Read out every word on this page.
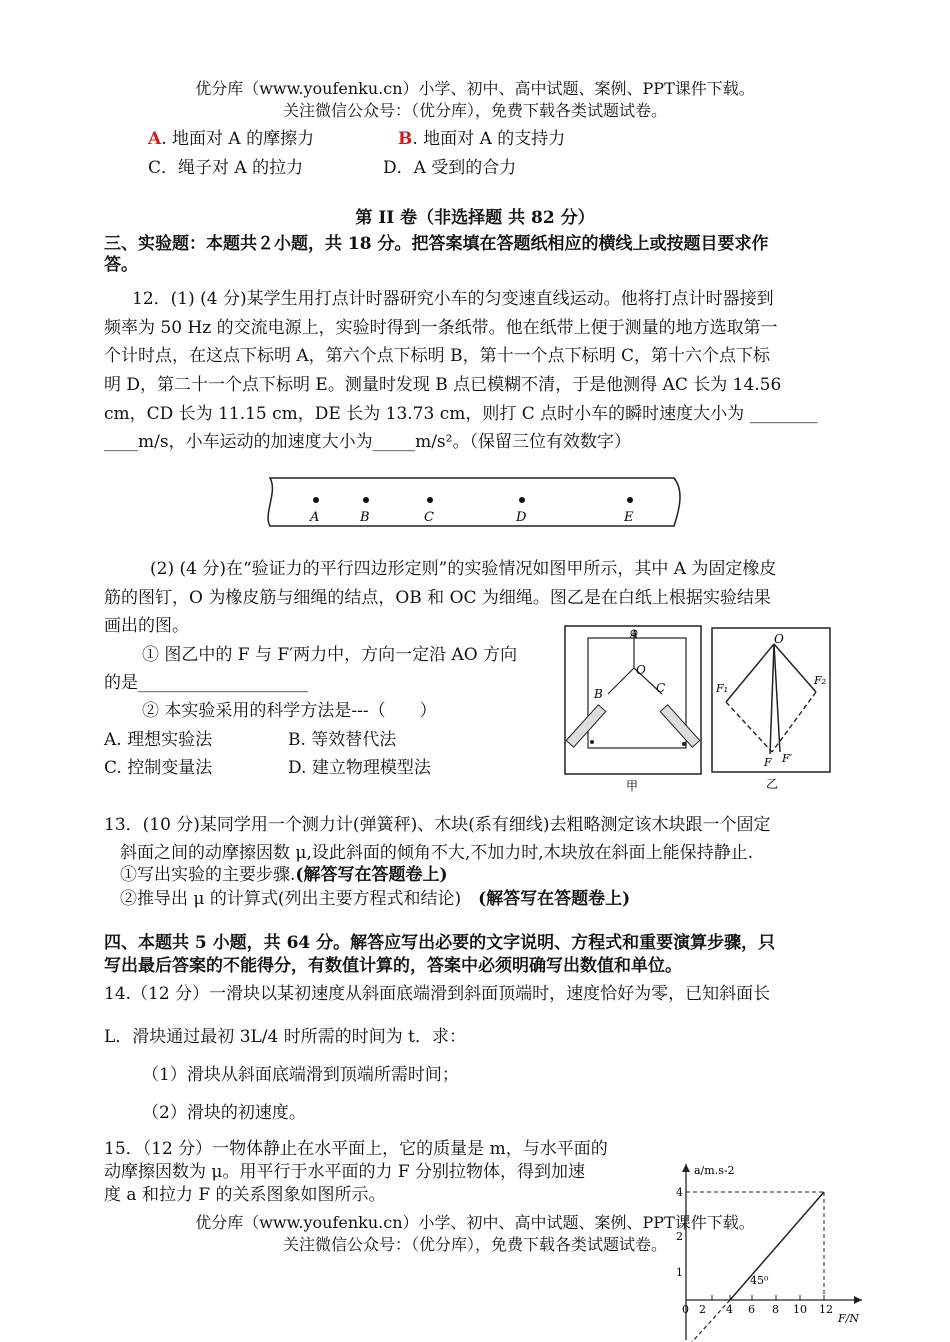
优分库（www.youfenku.cn）小学、初中、高中试题、案例、PPT课件下载。
关注微信公众号：（优分库），免费下载各类试题试卷。
A. 地面对 A 的摩擦力	B. 地面对 A 的支持力
C．绳子对 A 的拉力	D．A 受到的合力
第 II 卷（非选择题 共 82 分）
三、实验题：本题共２小题，共 18 分。把答案填在答题纸相应的横线上或按题目要求作
答。
12．(1) (4 分)某学生用打点计时器研究小车的匀变速直线运动。他将打点计时器接到
频率为 50 Hz 的交流电源上，实验时得到一条纸带。他在纸带上便于测量的地方选取第一
个计时点，在这点下标明 A，第六个点下标明 B，第十一个点下标明 C，第十六个点下标
明 D，第二十一个点下标明 E。测量时发现 B 点已模糊不清，于是他测得 AC 长为 14.56
cm，CD 长为 11.15 cm，DE 长为 13.73 cm，则打 C 点时小车的瞬时速度大小为 ________
____m/s，小车运动的加速度大小为_____m/s²。（保留三位有效数字）
A	B	C	D	E
(2) (4 分)在“验证力的平行四边形定则”的实验情况如图甲所示，其中 A 为固定橡皮
筋的图钉，O 为橡皮筋与细绳的结点，OB 和 OC 为细绳。图乙是在白纸上根据实验结果
画出的图。
① 图乙中的 F 与 F′两力中，方向一定沿 AO 方向
的是____________________
② 本实验采用的科学方法是---（　　）
A. 理想实验法	B. 等效替代法
C. 控制变量法	D. 建立物理模型法
A
O
B	C
甲
O
F₁
F₂
F F′
乙
13．(10 分)某同学用一个测力计(弹簧秤)、木块(系有细线)去粗略测定该木块跟一个固定
斜面之间的动摩擦因数 μ,设此斜面的倾角不大,不加力时,木块放在斜面上能保持静止.
①写出实验的主要步骤.(解答写在答题卷上)
②推导出 μ 的计算式(列出主要方程式和结论)　 (解答写在答题卷上)
四、本题共 5 小题，共 64 分。解答应写出必要的文字说明、方程式和重要演算步骤，只
写出最后答案的不能得分，有数值计算的，答案中必须明确写出数值和单位。
14.（12 分）一滑块以某初速度从斜面底端滑到斜面顶端时，速度恰好为零，已知斜面长
L．滑块通过最初 3L/4 时所需的时间为 t．求：
（1）滑块从斜面底端滑到顶端所需时间；
（2）滑块的初速度。
15．（12 分）一物体静止在水平面上，它的质量是 m，与水平面的
动摩擦因数为 μ。用平行于水平面的力 F 分别拉物体，得到加速
度 a 和拉力 F 的关系图象如图所示。
优分库（www.youfenku.cn）小学、初中、高中试题、案例、PPT课件下载。
关注微信公众号：（优分库），免费下载各类试题试卷。
a/m.s-2
F/N
0 2 4 6 8 10 12
4
2
1
45⁰
